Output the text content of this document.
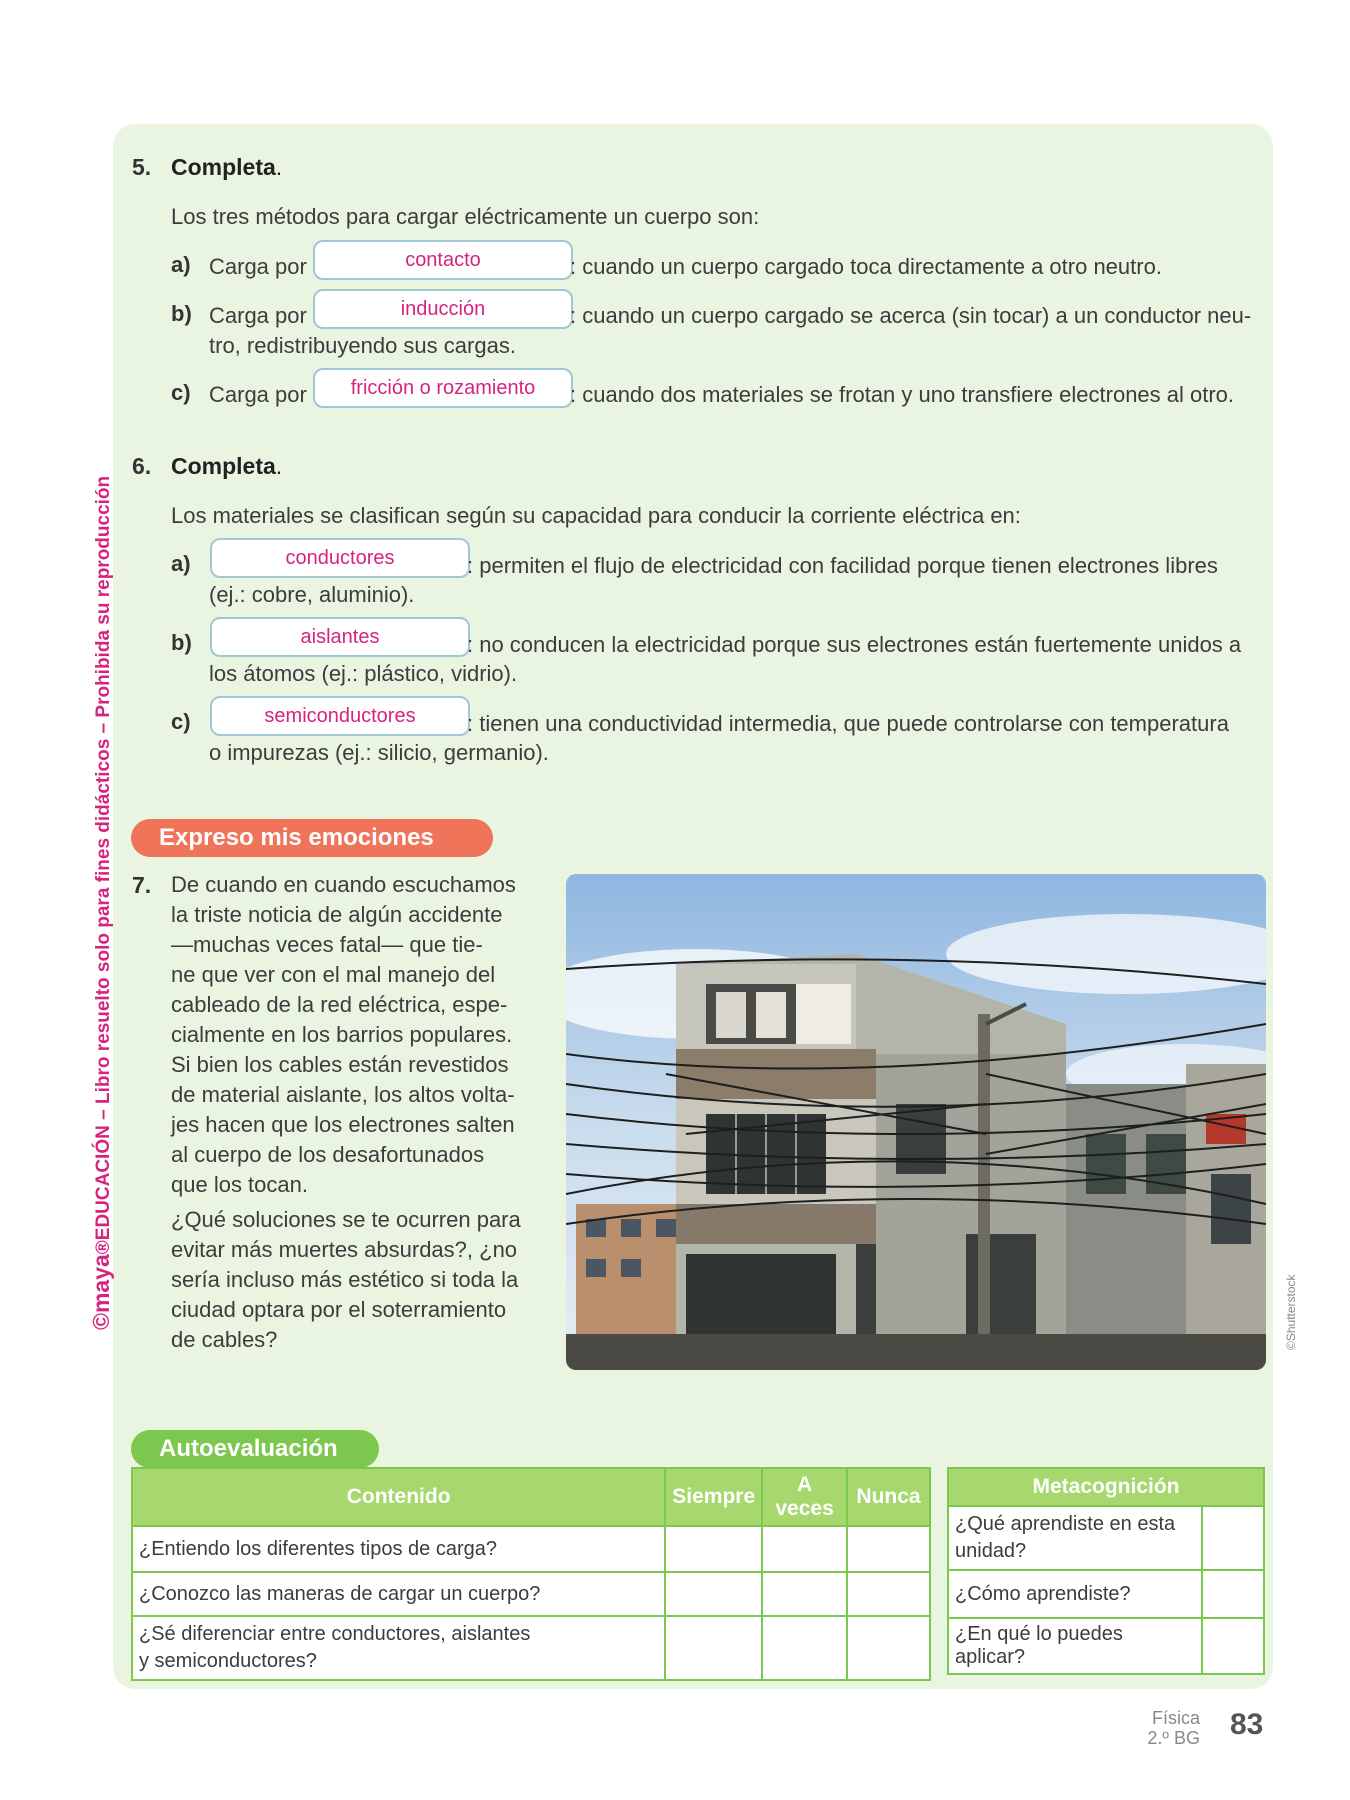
©maya®EDUCACIÓN – Libro resuelto solo para fines didácticos – Prohibida su reproducción
5. Completa.
Los tres métodos para cargar eléctricamente un cuerpo son:
a) Carga por	contacto	: cuando un cuerpo cargado toca directamente a otro neutro.
b) Carga por	inducción	: cuando un cuerpo cargado se acerca (sin tocar) a un conductor neu-
tro, redistribuyendo sus cargas.
c) Carga por	fricción o rozamiento	: cuando dos materiales se frotan y uno transfiere electrones al otro.
6. Completa.
Los materiales se clasifican según su capacidad para conducir la corriente eléctrica en:
a)	conductores	: permiten el flujo de electricidad con facilidad porque tienen electrones libres
(ej.: cobre, aluminio).
b)	aislantes	: no conducen la electricidad porque sus electrones están fuertemente unidos a
los átomos (ej.: plástico, vidrio).
c)	semiconductores	: tienen una conductividad intermedia, que puede controlarse con temperatura
o impurezas (ej.: silicio, germanio).
Expreso mis emociones
7. De cuando en cuando escuchamos
la triste noticia de algún accidente
—muchas veces fatal— que tie-
ne que ver con el mal manejo del
cableado de la red eléctrica, espe-
cialmente en los barrios populares.
Si bien los cables están revestidos
de material aislante, los altos volta-
jes hacen que los electrones salten
al cuerpo de los desafortunados
que los tocan.
¿Qué soluciones se te ocurren para
evitar más muertes absurdas?, ¿no
sería incluso más estético si toda la
ciudad optara por el soterramiento
de cables?	©Shutterstock
Autoevaluación
Contenido	Siempre	A veces	Nunca
¿Entiendo los diferentes tipos de carga?			
¿Conozco las maneras de cargar un cuerpo?			
¿Sé diferenciar entre conductores, aislantes
y semiconductores?			
Metacognición	
¿Qué aprendiste en esta
unidad?	
¿Cómo aprendiste?	
¿En qué lo puedes aplicar?	
Física
2.º BG 83
